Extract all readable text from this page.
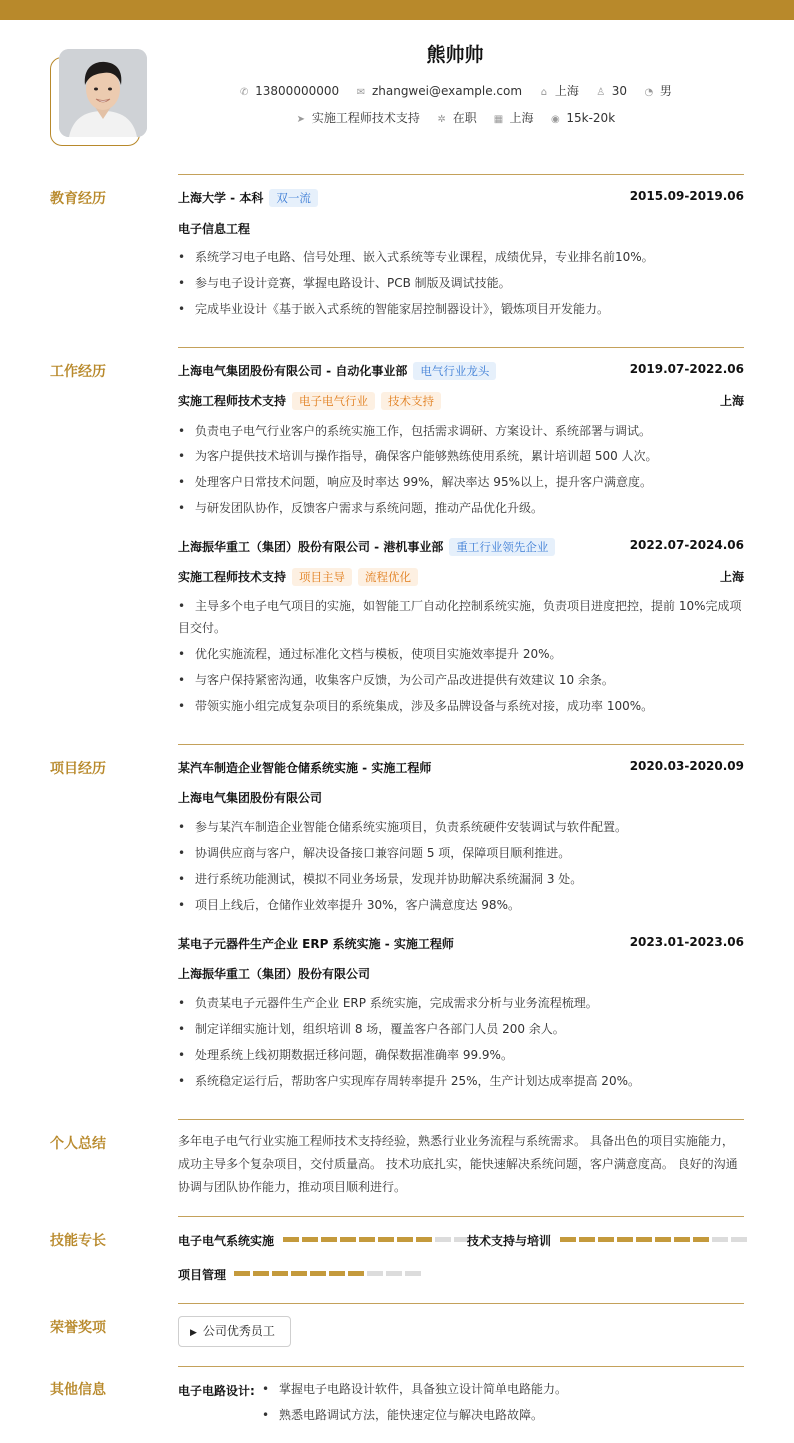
熊帅帅
✆ 13800000000 ✉ zhangwei@example.com ⌂ 上海 ♙ 30 ◔ 男
➤ 实施工程师技术支持 ✲ 在职 ▦ 上海 ◉ 15k-20k
教育经历	上海大学 - 本科 双一流	2015.09-2019.06
电子信息工程
• 系统学习电子电路、信号处理、嵌入式系统等专业课程，成绩优异，专业排名前10%。
• 参与电子设计竞赛，掌握电路设计、PCB 制版及调试技能。
• 完成毕业设计《基于嵌入式系统的智能家居控制器设计》，锻炼项目开发能力。
工作经历	上海电气集团股份有限公司 - 自动化事业部 电气行业龙头	2019.07-2022.06
实施工程师技术支持 电子电气行业 技术支持	上海
• 负责电子电气行业客户的系统实施工作，包括需求调研、方案设计、系统部署与调试。
• 为客户提供技术培训与操作指导，确保客户能够熟练使用系统，累计培训超 500 人次。
• 处理客户日常技术问题，响应及时率达 99%，解决率达 95%以上，提升客户满意度。
• 与研发团队协作，反馈客户需求与系统问题，推动产品优化升级。
上海振华重工（集团）股份有限公司 - 港机事业部 重工行业领先企业	2022.07-2024.06
实施工程师技术支持 项目主导 流程优化	上海
• 主导多个电子电气项目的实施，如智能工厂自动化控制系统实施，负责项目进度把控，提前 10%完成项
目交付。
• 优化实施流程，通过标准化文档与模板，使项目实施效率提升 20%。
• 与客户保持紧密沟通，收集客户反馈，为公司产品改进提供有效建议 10 余条。
• 带领实施小组完成复杂项目的系统集成，涉及多品牌设备与系统对接，成功率 100%。
项目经历	某汽车制造企业智能仓储系统实施 - 实施工程师	2020.03-2020.09
上海电气集团股份有限公司
• 参与某汽车制造企业智能仓储系统实施项目，负责系统硬件安装调试与软件配置。
• 协调供应商与客户，解决设备接口兼容问题 5 项，保障项目顺利推进。
• 进行系统功能测试，模拟不同业务场景，发现并协助解决系统漏洞 3 处。
• 项目上线后，仓储作业效率提升 30%，客户满意度达 98%。
某电子元器件生产企业 ERP 系统实施 - 实施工程师	2023.01-2023.06
上海振华重工（集团）股份有限公司
• 负责某电子元器件生产企业 ERP 系统实施，完成需求分析与业务流程梳理。
• 制定详细实施计划，组织培训 8 场，覆盖客户各部门人员 200 余人。
• 处理系统上线初期数据迁移问题，确保数据准确率 99.9%。
• 系统稳定运行后，帮助客户实现库存周转率提升 25%，生产计划达成率提高 20%。
个人总结	多年电子电气行业实施工程师技术支持经验，熟悉行业业务流程与系统需求。 具备出色的项目实施能力，
成功主导多个复杂项目，交付质量高。 技术功底扎实，能快速解决系统问题，客户满意度高。 良好的沟通
协调与团队协作能力，推动项目顺利进行。
技能专长	电子电气系统实施	技术支持与培训
项目管理
荣誉奖项	▶ 公司优秀员工
其他信息	电子电路设计:
•	掌握电子电路设计软件，具备独立设计简单电路能力。
• 熟悉电路调试方法，能快速定位与解决电路故障。
